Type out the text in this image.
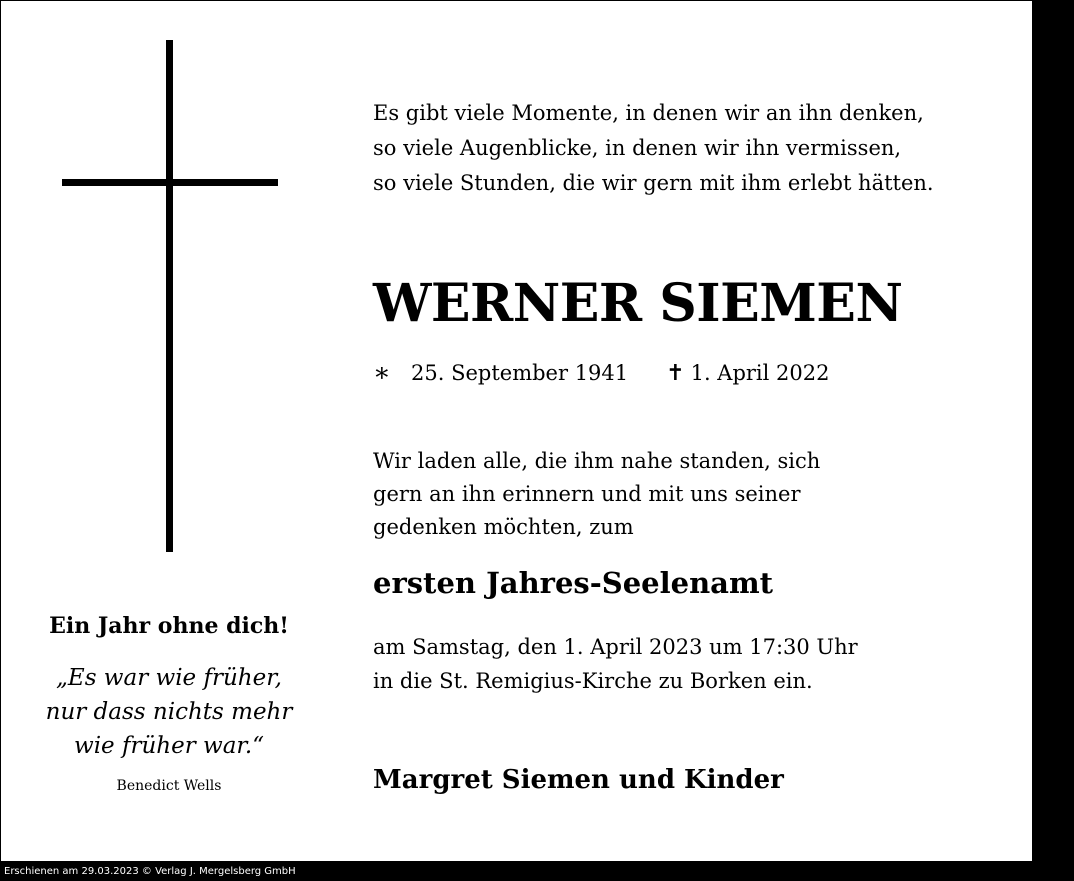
Ein Jahr ohne dich!
„Es war wie früher,
nur dass nichts mehr
wie früher war.“
Benedict Wells
Es gibt viele Momente, in denen wir an ihn denken,
so viele Augenblicke, in denen wir ihn vermissen,
so viele Stunden, die wir gern mit ihm erlebt hätten.
WERNER SIEMEN
∗ 25. September 1941 ✝ 1. April 2022
Wir laden alle, die ihm nahe standen, sich
gern an ihn erinnern und mit uns seiner
gedenken möchten, zum
ersten Jahres-Seelenamt
am Samstag, den 1. April 2023 um 17:30 Uhr
in die St. Remigius-Kirche zu Borken ein.
Margret Siemen und Kinder
Erschienen am 29.03.2023 © Verlag J. Mergelsberg GmbH
